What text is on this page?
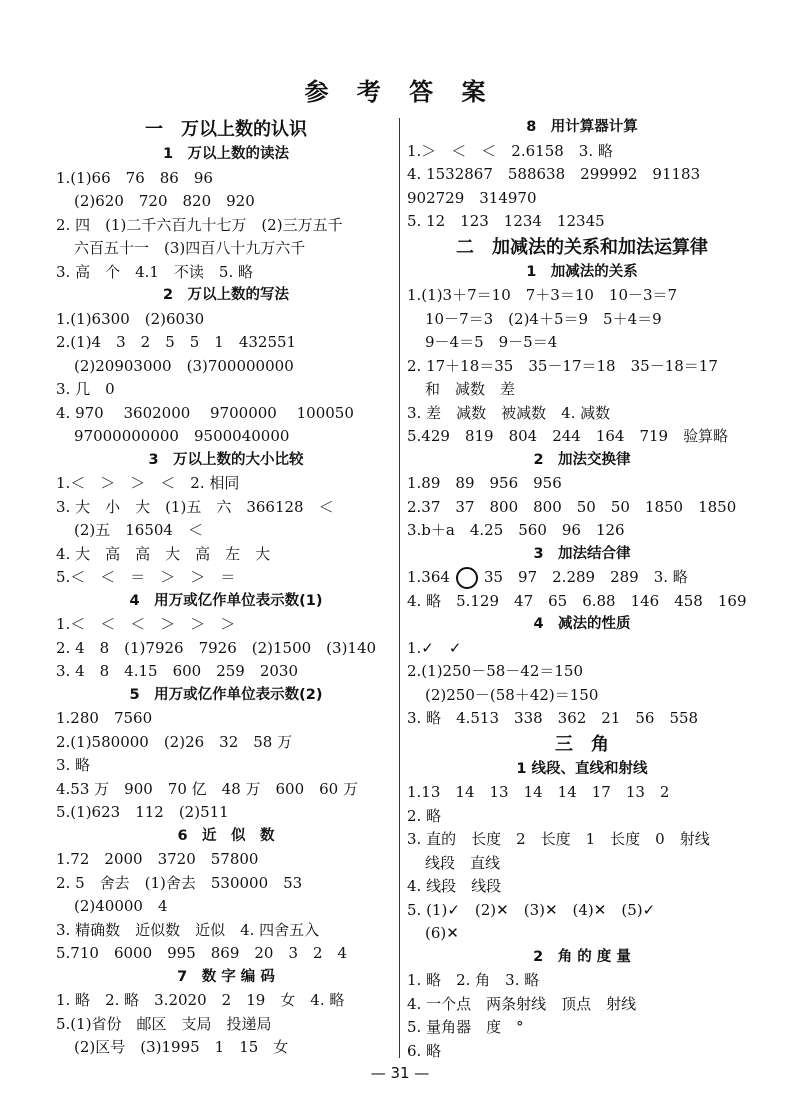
参 考 答 案
一　万以上数的认识
1　万以上数的读法
1.(1)66　76　86　96
(2)620　720　820　920
2. 四　(1)二千六百九十七万　(2)三万五千
六百五十一　(3)四百八十九万六千
3. 高　个　4.1　不读　5. 略
2　万以上数的写法
1.(1)6300　(2)6030
2.(1)4　3　2　5　5　1　432551
(2)20903000　(3)700000000
3. 几　0
4. 970　 3602000　 9700000　 100050
97000000000　9500040000
3　万以上数的大小比较
1.＜　＞　＞　＜　2. 相同
3. 大　小　大　(1)五　六　366128　＜
(2)五　16504　＜
4. 大　高　高　大　高　左　大
5.＜　＜　＝　＞　＞　＝
4　用万或亿作单位表示数(1)
1.＜　＜　＜　＞　＞　＞
2. 4　8　(1)7926　7926　(2)1500　(3)140
3. 4　8　4.15　600　259　2030
5　用万或亿作单位表示数(2)
1.280　7560
2.(1)580000　(2)26　32　58 万
3. 略
4.53 万　900　70 亿　48 万　600　60 万
5.(1)623　112　(2)511
6　近　似　数
1.72　2000　3720　57800
2. 5　舍去　(1)舍去　530000　53
(2)40000　4
3. 精确数　近似数　近似　4. 四舍五入
5.710　6000　995　869　20　3　2　4
7　数 字 编 码
1. 略　2. 略　3.2020　2　19　女　4. 略
5.(1)省份　邮区　支局　投递局
(2)区号　(3)1995　1　15　女
8　用计算器计算
1.＞　＜　＜　2.6158　3. 略
4. 1532867　588638　299992　91183
902729　314970
5. 12　123　1234　12345
二　加减法的关系和加法运算律
1　加减法的关系
1.(1)3＋7＝10　7＋3＝10　10－3＝7
10－7＝3　(2)4＋5＝9　5＋4＝9
9－4＝5　9－5＝4
2. 17＋18＝35　35－17＝18　35－18＝17
和　减数　差
3. 差　减数　被减数　4. 减数
5.429　819　804　244　164　719　验算略
2　加法交换律
1.89　89　956　956
2.37　37　800　800　50　50　1850　1850
3.b＋a　4.25　560　96　126
3　加法结合律
1.364 35　97　2.289　289　3. 略
4. 略　5.129　47　65　6.88　146　458　169
4　减法的性质
1.✓　✓
2.(1)250－58－42＝150
(2)250－(58＋42)＝150
3. 略　4.513　338　362　21　56　558
三　角
1 线段、直线和射线
1.13　14　13　14　14　17　13　2
2. 略
3. 直的　长度　2　长度　1　长度　0　射线
线段　直线
4. 线段　线段
5. (1)✓　(2)✕　(3)✕　(4)✕　(5)✓
(6)✕
2　角 的 度 量
1. 略　2. 角　3. 略
4. 一个点　两条射线　顶点　射线
5. 量角器　度　°
6. 略
— 31 —
